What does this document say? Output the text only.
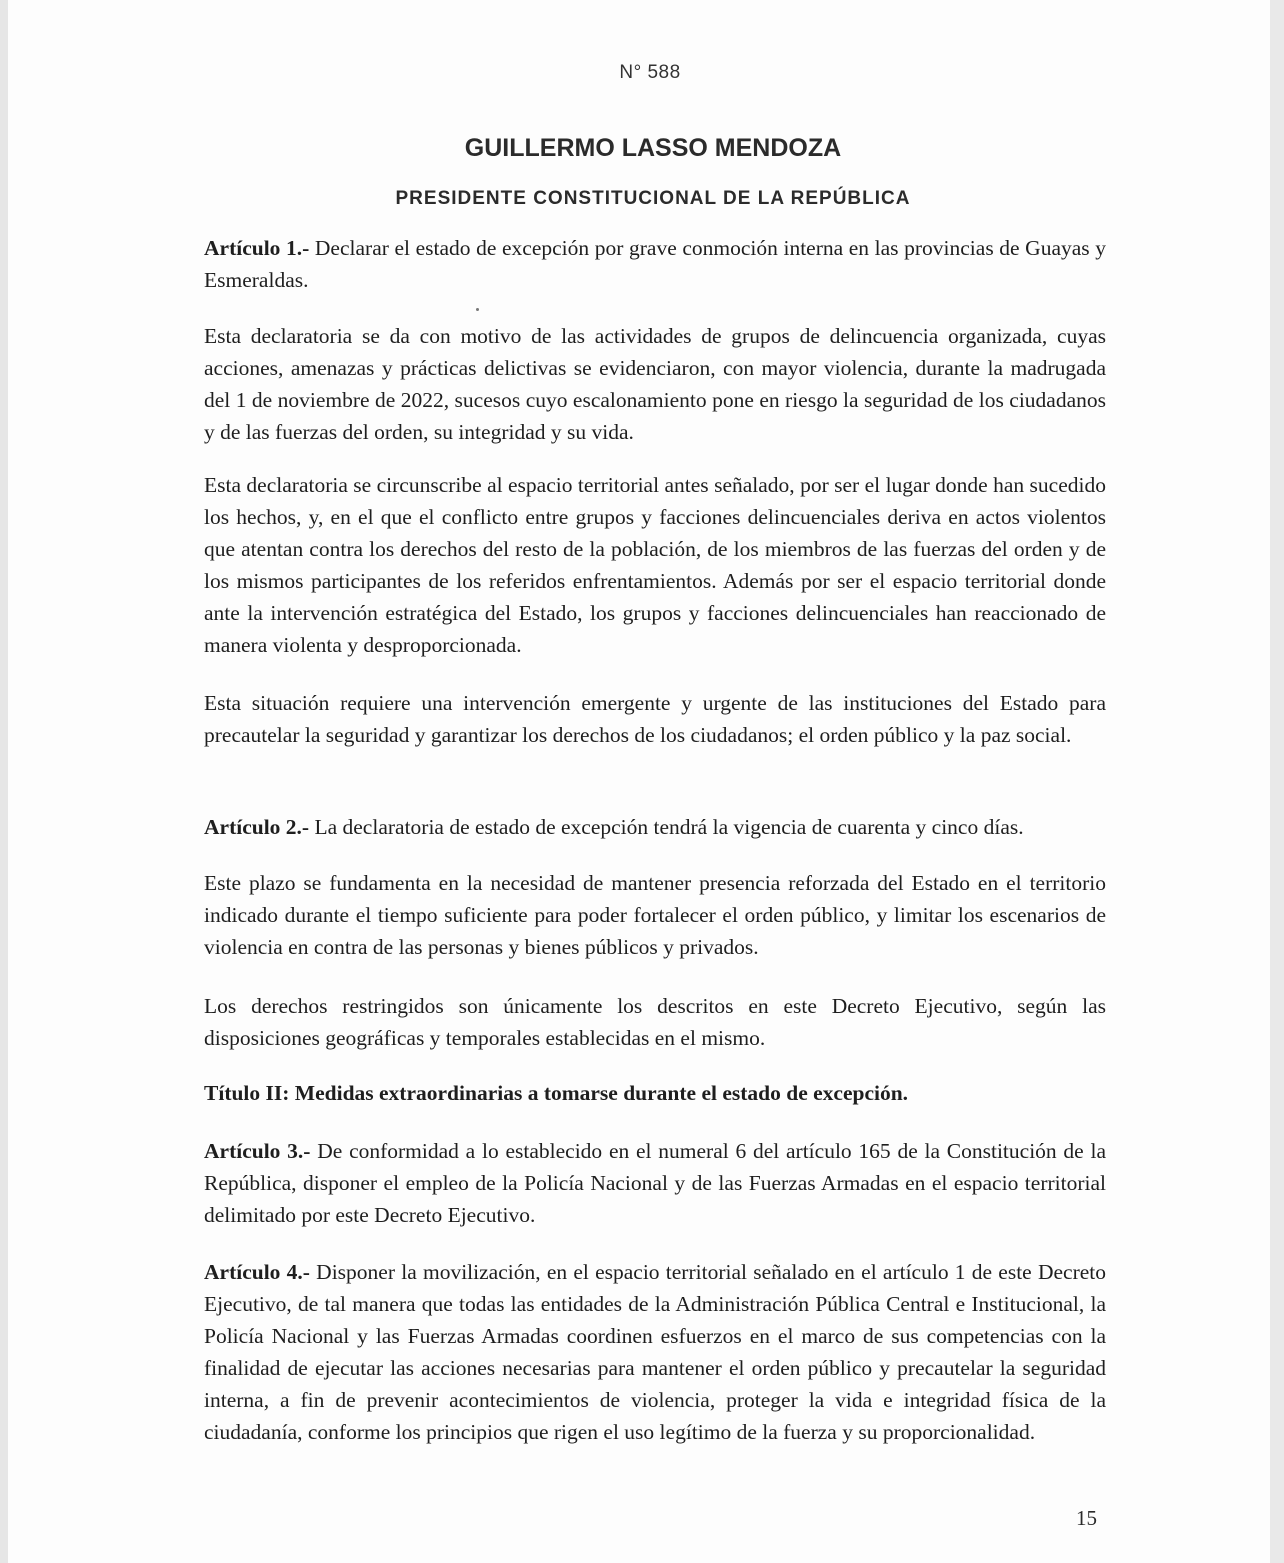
N° 588
GUILLERMO LASSO MENDOZA
PRESIDENTE CONSTITUCIONAL DE LA REPÚBLICA

Artículo 1.- Declarar el estado de excepción por grave conmoción interna en las provincias de Guayas y Esmeraldas.

Esta declaratoria se da con motivo de las actividades de grupos de delincuencia organizada, cuyas acciones, amenazas y prácticas delictivas se evidenciaron, con mayor violencia, durante la madrugada del 1 de noviembre de 2022, sucesos cuyo escalonamiento pone en riesgo la seguridad de los ciudadanos y de las fuerzas del orden, su integridad y su vida.

Esta declaratoria se circunscribe al espacio territorial antes señalado, por ser el lugar donde han sucedido los hechos, y, en el que el conflicto entre grupos y facciones delincuenciales deriva en actos violentos que atentan contra los derechos del resto de la población, de los miembros de las fuerzas del orden y de los mismos participantes de los referidos enfrentamientos. Además por ser el espacio territorial donde ante la intervención estratégica del Estado, los grupos y facciones delincuenciales han reaccionado de manera violenta y desproporcionada.

Esta situación requiere una intervención emergente y urgente de las instituciones del Estado para precautelar la seguridad y garantizar los derechos de los ciudadanos; el orden público y la paz social.

Artículo 2.- La declaratoria de estado de excepción tendrá la vigencia de cuarenta y cinco días.

Este plazo se fundamenta en la necesidad de mantener presencia reforzada del Estado en el territorio indicado durante el tiempo suficiente para poder fortalecer el orden público, y limitar los escenarios de violencia en contra de las personas y bienes públicos y privados.

Los derechos restringidos son únicamente los descritos en este Decreto Ejecutivo, según las disposiciones geográficas y temporales establecidas en el mismo.

Título II: Medidas extraordinarias a tomarse durante el estado de excepción.

Artículo 3.- De conformidad a lo establecido en el numeral 6 del artículo 165 de la Constitución de la República, disponer el empleo de la Policía Nacional y de las Fuerzas Armadas en el espacio territorial delimitado por este Decreto Ejecutivo.

Artículo 4.- Disponer la movilización, en el espacio territorial señalado en el artículo 1 de este Decreto Ejecutivo, de tal manera que todas las entidades de la Administración Pública Central e Institucional, la Policía Nacional y las Fuerzas Armadas coordinen esfuerzos en el marco de sus competencias con la finalidad de ejecutar las acciones necesarias para mantener el orden público y precautelar la seguridad interna, a fin de prevenir acontecimientos de violencia, proteger la vida e integridad física de la ciudadanía, conforme los principios que rigen el uso legítimo de la fuerza y su proporcionalidad.

15
